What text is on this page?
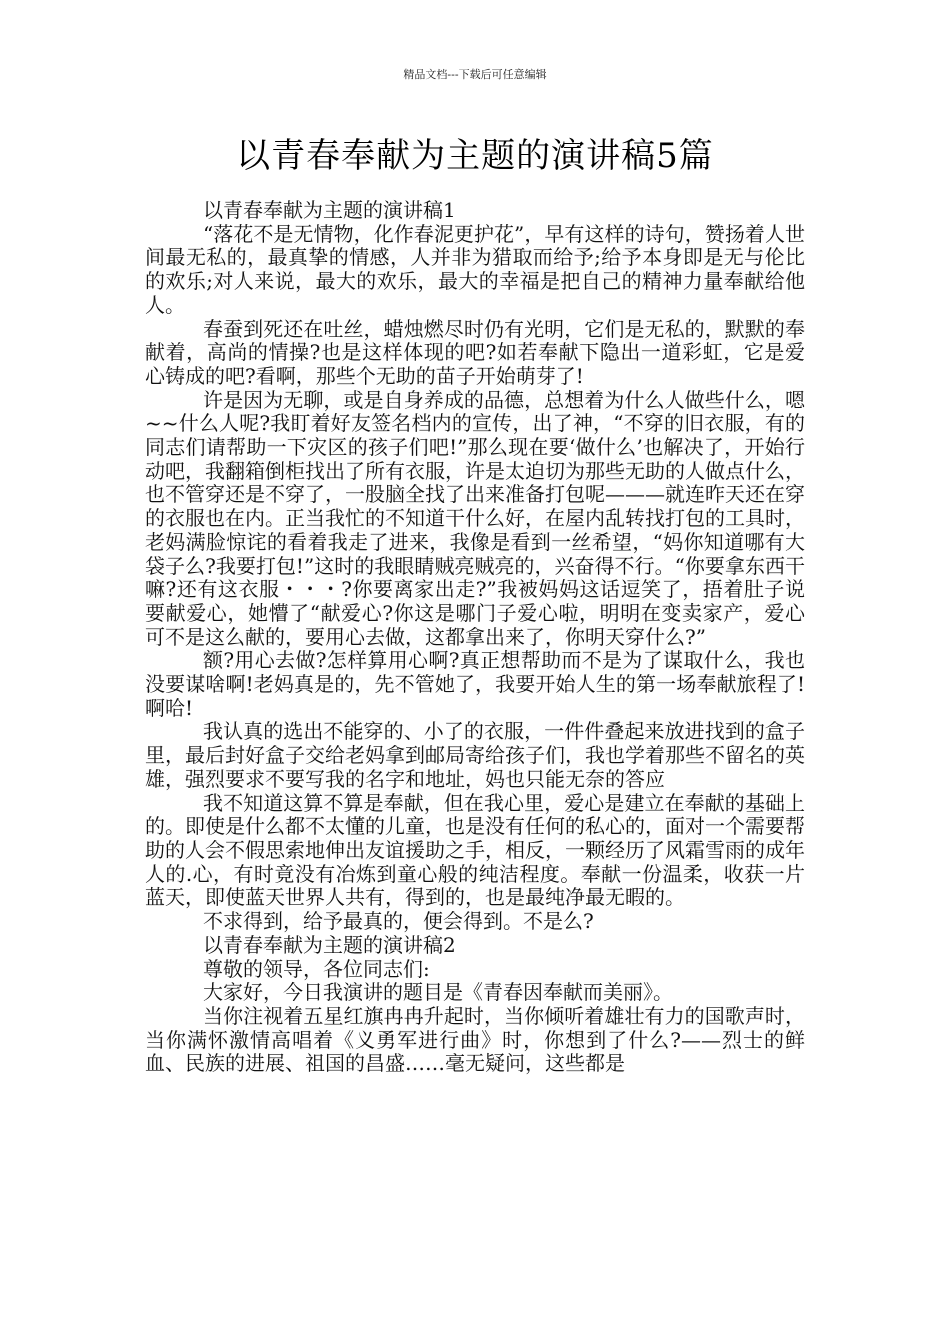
精品文档---下载后可任意编辑
以青春奉献为主题的演讲稿5篇

以青春奉献为主题的演讲稿1

“落花不是无情物，化作春泥更护花”，早有这样的诗句，赞扬着人世间最无私的，最真挚的情感，人并非为猎取而给予;给予本身即是无与伦比的欢乐;对人来说，最大的欢乐，最大的幸福是把自己的精神力量奉献给他人。

春蚕到死还在吐丝，蜡烛燃尽时仍有光明，它们是无私的，默默的奉献着，高尚的情操?也是这样体现的吧?如若奉献下隐出一道彩虹，它是爱心铸成的吧?看啊，那些个无助的苗子开始萌芽了!

许是因为无聊，或是自身养成的品德，总想着为什么人做些什么，嗯~~什么人呢?我盯着好友签名档内的宣传，出了神，“不穿的旧衣服，有的同志们请帮助一下灾区的孩子们吧!”那么现在要‘做什么’也解决了，开始行动吧，我翻箱倒柜找出了所有衣服，许是太迫切为那些无助的人做点什么，也不管穿还是不穿了，一股脑全找了出来准备打包呢———就连昨天还在穿的衣服也在内。正当我忙的不知道干什么好，在屋内乱转找打包的工具时，老妈满脸惊诧的看着我走了进来，我像是看到一丝希望，“妈你知道哪有大袋子么?我要打包!”这时的我眼睛贼亮贼亮的，兴奋得不行。“你要拿东西干嘛?还有这衣服・・・?你要离家出走?”我被妈妈这话逗笑了，捂着肚子说要献爱心，她懵了“献爱心?你这是哪门子爱心啦，明明在变卖家产，爱心可不是这么献的，要用心去做，这都拿出来了，你明天穿什么?”

额?用心去做?怎样算用心啊?真正想帮助而不是为了谋取什么，我也没要谋啥啊!老妈真是的，先不管她了，我要开始人生的第一场奉献旅程了!啊哈!

我认真的选出不能穿的、小了的衣服，一件件叠起来放进找到的盒子里，最后封好盒子交给老妈拿到邮局寄给孩子们，我也学着那些不留名的英雄，强烈要求不要写我的名字和地址，妈也只能无奈的答应

我不知道这算不算是奉献，但在我心里，爱心是建立在奉献的基础上的。即使是什么都不太懂的儿童，也是没有任何的私心的，面对一个需要帮助的人会不假思索地伸出友谊援助之手，相反，一颗经历了风霜雪雨的成年人的.心，有时竟没有冶炼到童心般的纯洁程度。奉献一份温柔，收获一片蓝天，即使蓝天世界人共有，得到的，也是最纯净最无暇的。

不求得到，给予最真的，便会得到。不是么?

以青春奉献为主题的演讲稿2

尊敬的领导，各位同志们:

大家好，今日我演讲的题目是《青春因奉献而美丽》。

当你注视着五星红旗冉冉升起时，当你倾听着雄壮有力的国歌声时，当你满怀激情高唱着《义勇军进行曲》时，你想到了什么?——烈士的鲜血、民族的进展、祖国的昌盛……毫无疑问，这些都是
